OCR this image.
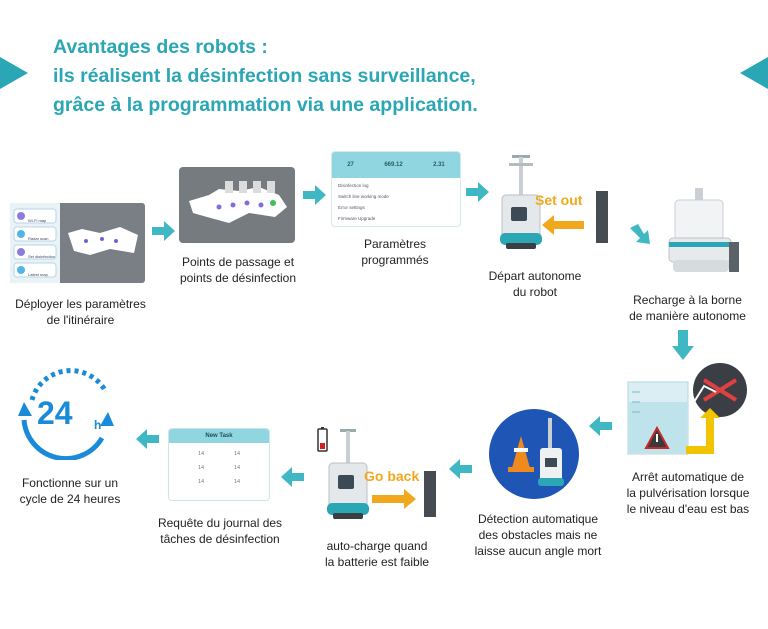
Avantages des robots :
ils réalisent la désinfection sans surveillance,
grâce à la programmation via une application.
Wi-Fi map
Radar scan
Set disinfection
Latest map
Déployer les paramètres
de l'itinéraire
Points de passage et
points de désinfection
27	669.12	2.31
Disinfection log
Switch line working mode
Error settings
Firmware Upgrade
Paramètres
programmés
Set out
Départ autonome
du robot
Recharge à la borne
de manière autonome
Arrêt automatique de
la pulvérisation lorsque
le niveau d'eau est bas
Détection automatique
des obstacles mais ne
laisse aucun angle mort
Go back
auto-charge quand
la batterie est faible
New Task
14	14
14	14
14	14
Requête du journal des
tâches de désinfection
24 h
Fonctionne sur un
cycle de 24 heures
